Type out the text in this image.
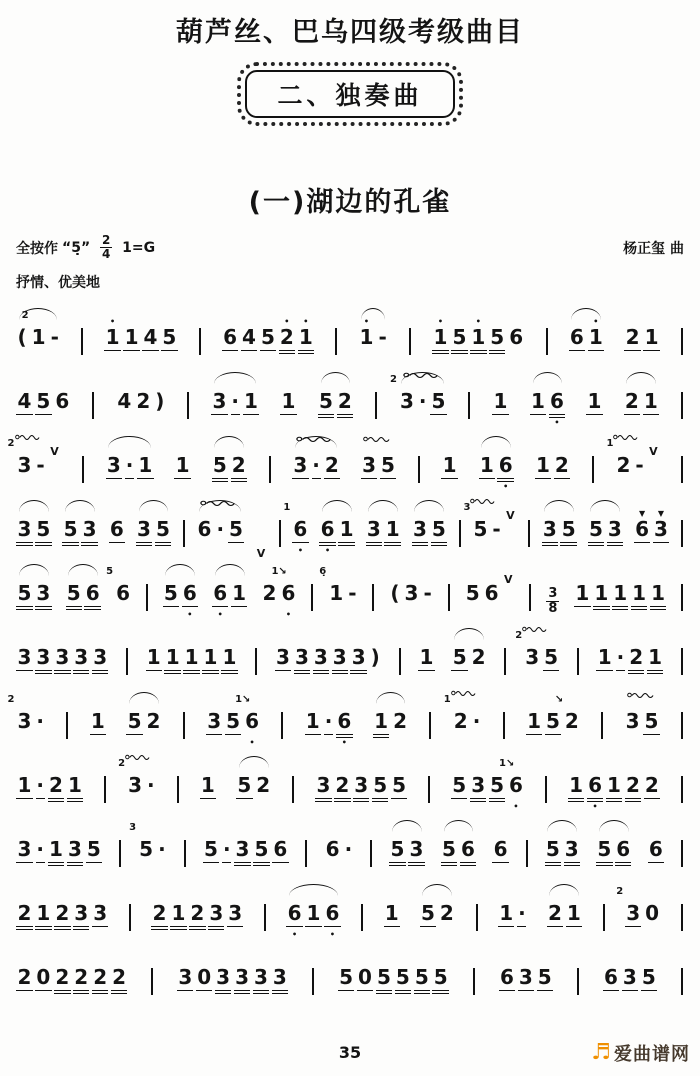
葫芦丝、巴乌四级考级曲目
二、独奏曲
(一)湖边的孔雀
全按作 “5̣” 2
4 1=G	杨正玺 曲
抒情、优美地

(

1

2̇

-

•
1

1

4

5

6

4

5

•
2

•
1

•
1

-

•
1

5

•
1

5

6

6

•
1

2

1

4

5

6

4

2

)

3

·

1

1

5

2

3

2

·

5

1

1

6
•

1

2

1

3

2

-

V

3

·

1

1

5

2

3

·

2

3

5

1

1

6
•

1

2

2

1

-

V

3

5

5

3

6

3

5

6

·

5

V

6
•
1

6
•

1

3

1

3

5

5

3

-

V

3

5

5

3

▼
6

▼
3

5

3

5

6

6

5

5

6
•

6
•

1

2

6
•
1↘

1

6̣

-

(

3

-

5

6

V
3
8

1

1

1

1

1

3

3

3

3

3

1

1

1

1

1

3

3

3

3

3

)

1

5

2

3

2

5

1

·

2

1

3

2

·

1

5

2

3

5

6
•
1↘

1

·

6
•

1

2

2

1

·

1

5

2

↘

3

5

1

·

2

1

3

2

·

1

5

2

3

2

3

5

5

5

3

5

6
•
1↘

1

6
•

1

2

2

3

·

1

3

5

5

3

·

5

·

3

5

6

6

·

5

3

5

6

6

5

3

5

6

6

2

1

2

3

3

2

1

2

3

3

6
•

1

6
•

1

5

2

1

·

2

1

3

2

0

2

0

2

2

2

2

	3

0

3

3

3

3

	5

0

5

5

5

5

	6

3

5

	6

3

5

35	♬ 爱曲谱网
